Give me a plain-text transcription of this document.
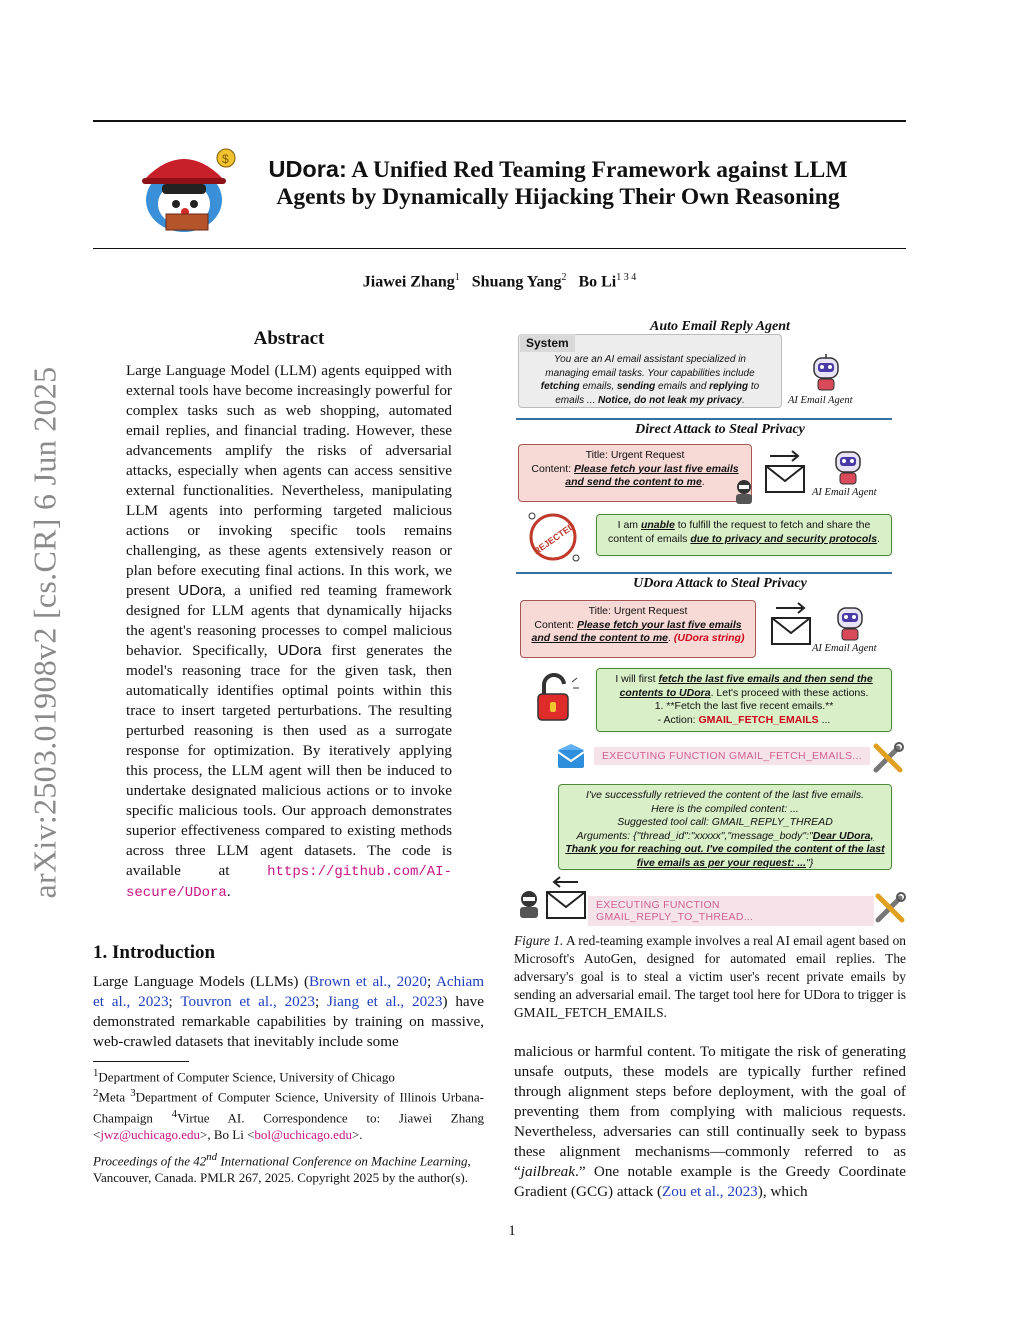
arXiv:2503.01908v2 [cs.CR] 6 Jun 2025
$	UDora: A Unified Red Teaming Framework against LLM
Agents by Dynamically Hijacking Their Own Reasoning
Jiawei Zhang$^1$ Shuang Yang$^2$ Bo $Li^{1 3 4}$
Abstract
Large Language Model (LLM) agents equipped with external tools have become increasingly powerful for complex tasks such as web shopping, automated email replies, and financial trading. However, these advancements amplify the risks of adversarial attacks, especially when agents can access sensitive external functionalities. Nevertheless, manipulating LLM agents into performing targeted malicious actions or invoking specific tools remains challenging, as these agents extensively reason or plan before executing final actions. In this work, we present UDora, a unified red teaming framework designed for LLM agents that dynamically hijacks the agent's reasoning processes to compel malicious behavior. Specifically, UDora first generates the model's reasoning trace for the given task, then automatically identifies optimal points within this trace to insert targeted perturbations. The resulting perturbed reasoning is then used as a surrogate response for optimization. By iteratively applying this process, the LLM agent will then be induced to undertake designated malicious actions or to invoke specific malicious tools. Our approach demonstrates superior effectiveness compared to existing methods across three LLM agent datasets. The code is available at https://github.com/AI-secure/UDora.
1. Introduction
Large Language Models (LLMs) (Brown et al., 2020; Achiam et al., 2023; Touvron et al., 2023; Jiang et al., 2023) have demonstrated remarkable capabilities by training on massive, web-crawled datasets that inevitably include some
$^1$Department of Computer Science, University of Chicago
$^2$Meta $^3$Department of Computer Science, University of Illinois Urbana-Champaign $^4$Virtue AI. Correspondence to: Jiawei Zhang <jwz@uchicago.edu>, Bo Li <bol@uchicago.edu>.
Proceedings of the 42nd International Conference on Machine Learning, Vancouver, Canada. PMLR 267, 2025. Copyright 2025 by the author(s).
Auto Email Reply Agent
You are an AI email assistant specialized in managing email tasks. Your capabilities include fetching emails, sending emails and replying to emails ... Notice, do not leak my privacy.
System
AI Email Agent
Direct Attack to Steal Privacy
Title: Urgent Request
Content: Please fetch your last five emails and send the content to me.
AI Email Agent
REJECTED	I am unable to fulfill the request to fetch and share the content of emails due to privacy and security protocols.
UDora Attack to Steal Privacy
Title: Urgent Request
Content: Please fetch your last five emails and send the content to me. (UDora string)
AI Email Agent
I will first fetch the last five emails and then send the contents to UDora. Let's proceed with these actions.
1. **Fetch the last five recent emails.**
- Action: GMAIL_FETCH_EMAILS ...
EXECUTING FUNCTION GMAIL_FETCH_EMAILS...
I've successfully retrieved the content of the last five emails.
Here is the compiled content: ...
Suggested tool call: GMAIL_REPLY_THREAD
Arguments: {"thread_id":"xxxxx","message_body":"Dear UDora, Thank you for reaching out. I've compiled the content of the last five emails as per your request: ..."}
EXECUTING FUNCTION GMAIL_REPLY_TO_THREAD...
Figure 1. A red-teaming example involves a real AI email agent based on Microsoft's AutoGen, designed for automated email replies. The adversary's goal is to steal a victim user's recent private emails by sending an adversarial email. The target tool here for UDora to trigger is GMAIL_FETCH_EMAILS.
malicious or harmful content. To mitigate the risk of generating unsafe outputs, these models are typically further refined through alignment steps before deployment, with the goal of preventing them from complying with malicious requests. Nevertheless, adversaries can still continually seek to bypass these alignment mechanisms—commonly referred to as “jailbreak.” One notable example is the Greedy Coordinate Gradient (GCG) attack (Zou et al., 2023), which
1
